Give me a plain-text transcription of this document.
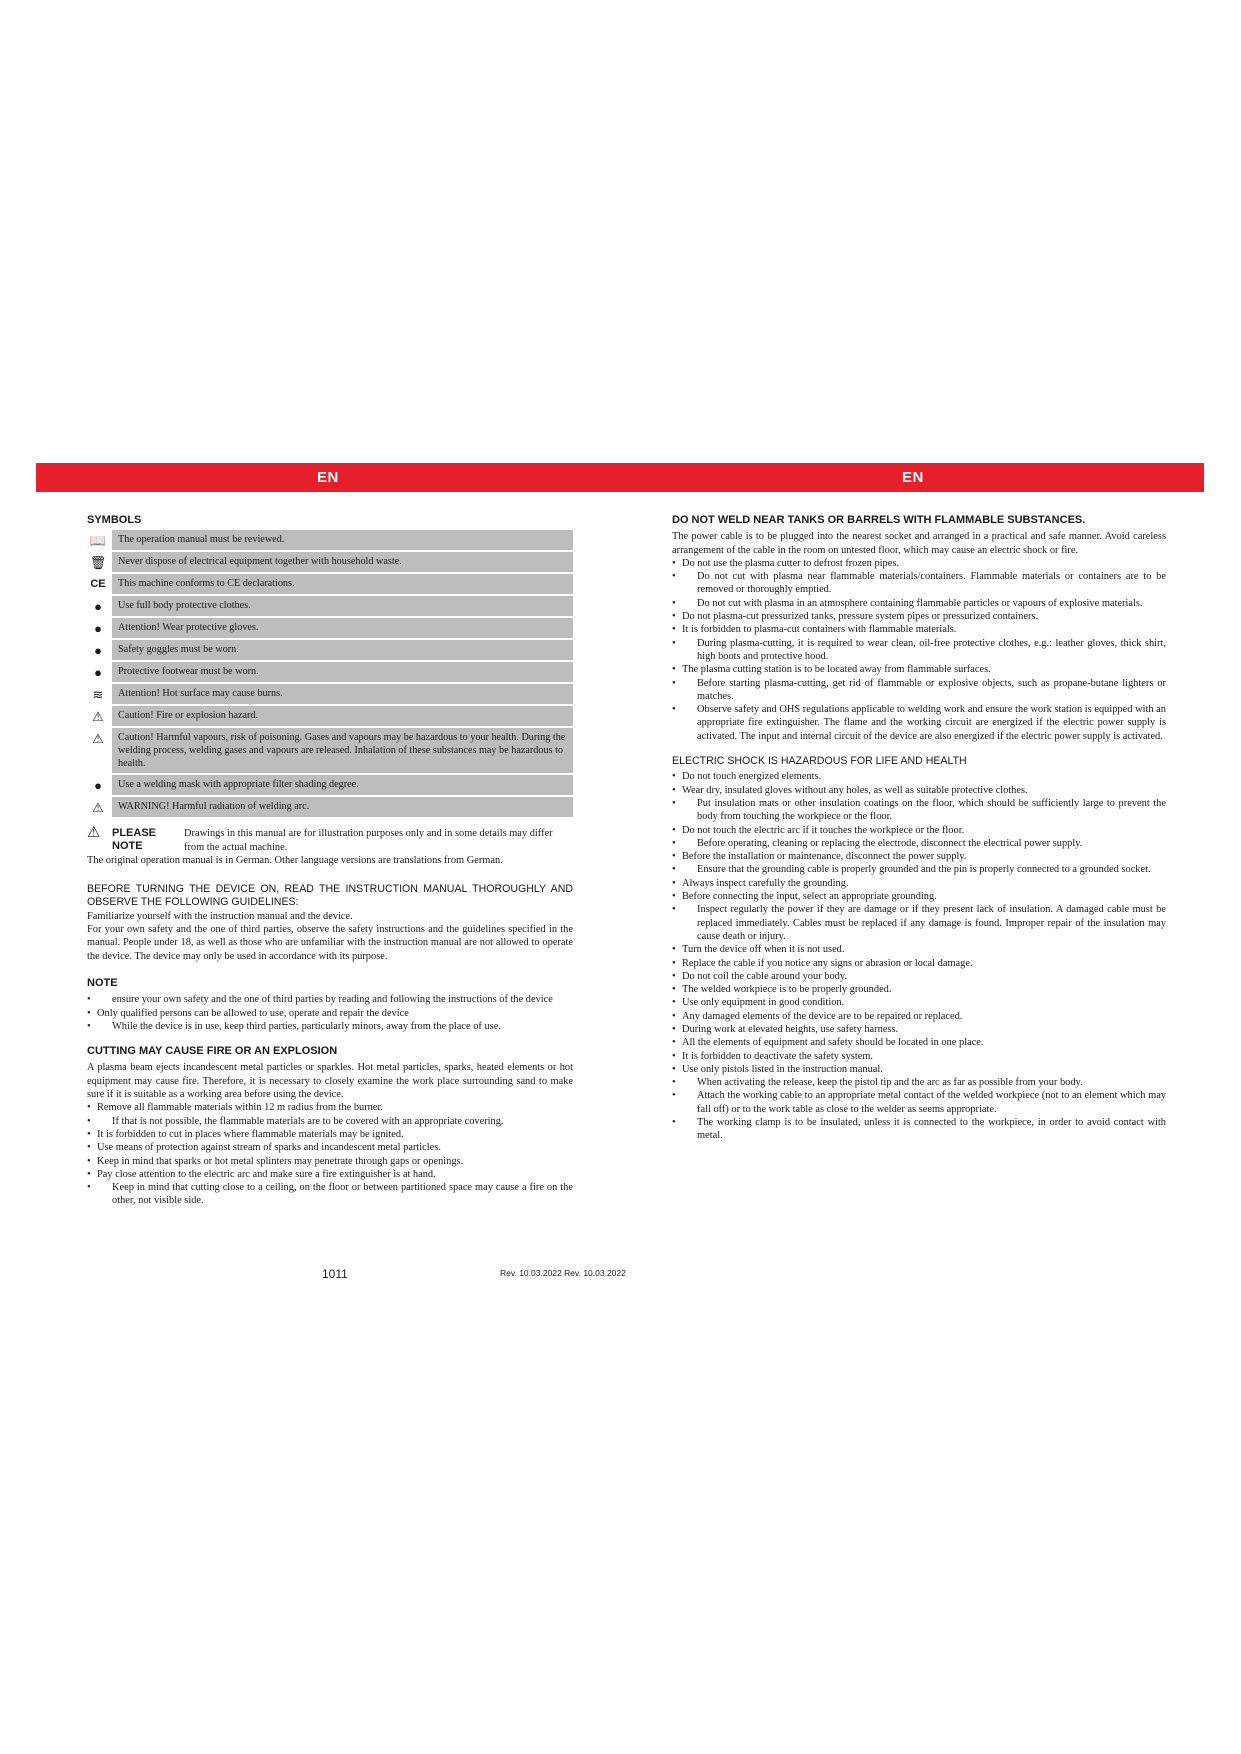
EN	EN
SYMBOLS
📖	The operation manual must be reviewed.
🗑	Never dispose of electrical equipment together with household waste.
CE	This machine conforms to CE declarations.
●	Use full body protective clothes.
●	Attention! Wear protective gloves.
●	Safety goggles must be worn.
●	Protective footwear must be worn.
≋	Attention! Hot surface may cause burns.
⚠	Caution! Fire or explosion hazard.
⚠	Caution! Harmful vapours, risk of poisoning. Gases and vapours may be hazardous to your health. During the welding process, welding gases and vapours are released. Inhalation of these substances may be hazardous to health.
●	Use a welding mask with appropriate filter shading degree.
⚠	WARNING! Harmful radiation of welding arc.
⚠	PLEASE NOTE
Drawings in this manual are for illustration purposes only and in some details may differ from the actual machine.

The original operation manual is in German. Other language versions are translations from German.

BEFORE TURNING THE DEVICE ON, READ THE INSTRUCTION MANUAL THOROUGHLY AND OBSERVE THE FOLLOWING GUIDELINES:

Familiarize yourself with the instruction manual and the device.

For your own safety and the one of third parties, observe the safety instructions and the guidelines specified in the manual. People under 18, as well as those who are unfamiliar with the instruction manual are not allowed to operate the device. The device may only be used in accordance with its purpose.

NOTE
• ensure your own safety and the one of third parties by reading and following the instructions of the device
• Only qualified persons can be allowed to use, operate and repair the device
• While the device is in use, keep third parties, particularly minors, away from the place of use.
CUTTING MAY CAUSE FIRE OR AN EXPLOSION

A plasma beam ejects incandescent metal particles or sparkles. Hot metal particles, sparks, heated elements or hot equipment may cause fire. Therefore, it is necessary to closely examine the work place surrounding sand to make sure if it is suitable as a working area before using the device.

• Remove all flammable materials within 12 m radius from the burner.
• If that is not possible, the flammable materials are to be covered with an appropriate covering.
• It is forbidden to cut in places where flammable materials may be ignited.
• Use means of protection against stream of sparks and incandescent metal particles.
• Keep in mind that sparks or hot metal splinters may penetrate through gaps or openings.
• Pay close attention to the electric arc and make sure a fire extinguisher is at hand.
• Keep in mind that cutting close to a ceiling, on the floor or between partitioned space may cause a fire on the other, not visible side.
DO NOT WELD NEAR TANKS OR BARRELS WITH FLAMMABLE SUBSTANCES.

The power cable is to be plugged into the nearest socket and arranged in a practical and safe manner. Avoid careless arrangement of the cable in the room on untested floor, which may cause an electric shock or fire.

• Do not use the plasma cutter to defrost frozen pipes.
• Do not cut with plasma near flammable materials/containers. Flammable materials or containers are to be removed or thoroughly emptied.
• Do not cut with plasma in an atmosphere containing flammable particles or vapours of explosive materials.
• Do not plasma-cut pressurized tanks, pressure system pipes or pressurized containers.
• It is forbidden to plasma-cut containers with flammable materials.
• During plasma-cutting, it is required to wear clean, oil-free protective clothes, e.g.: leather gloves, thick shirt, high boots and protective hood.
• The plasma cutting station is to be located away from flammable surfaces.
• Before starting plasma-cutting, get rid of flammable or explosive objects, such as propane-butane lighters or matches.
• Observe safety and OHS regulations applicable to welding work and ensure the work station is equipped with an appropriate fire extinguisher. The flame and the working circuit are energized if the electric power supply is activated. The input and internal circuit of the device are also energized if the electric power supply is activated.
ELECTRIC SHOCK IS HAZARDOUS FOR LIFE AND HEALTH
• Do not touch energized elements.
• Wear dry, insulated gloves without any holes, as well as suitable protective clothes.
• Put insulation mats or other insulation coatings on the floor, which should be sufficiently large to prevent the body from touching the workpiece or the floor.
• Do not touch the electric arc if it touches the workpiece or the floor.
• Before operating, cleaning or replacing the electrode, disconnect the electrical power supply.
• Before the installation or maintenance, disconnect the power supply.
• Ensure that the grounding cable is properly grounded and the pin is properly connected to a grounded socket.
• Always inspect carefully the grounding.
• Before connecting the input, select an appropriate grounding.
• Inspect regularly the power if they are damage or if they present lack of insulation. A damaged cable must be replaced immediately. Cables must be replaced if any damage is found. Improper repair of the insulation may cause death or injury.
• Turn the device off when it is not used.
• Replace the cable if you notice any signs or abrasion or local damage.
• Do not coil the cable around your body.
• The welded workpiece is to be properly grounded.
• Use only equipment in good condition.
• Any damaged elements of the device are to be repaired or replaced.
• During work at elevated heights, use safety harness.
• All the elements of equipment and safety should be located in one place.
• It is forbidden to deactivate the safety system.
• Use only pistols listed in the instruction manual.
• When activating the release, keep the pistol tip and the arc as far as possible from your body.
• Attach the working cable to an appropriate metal contact of the welded workpiece (not to an element which may fall off) or to the work table as close to the welder as seems appropriate.
• The working clamp is to be insulated, unless it is connected to the workpiece, in order to avoid contact with metal.
1011	Rev. 10.03.2022 Rev. 10.03.2022
